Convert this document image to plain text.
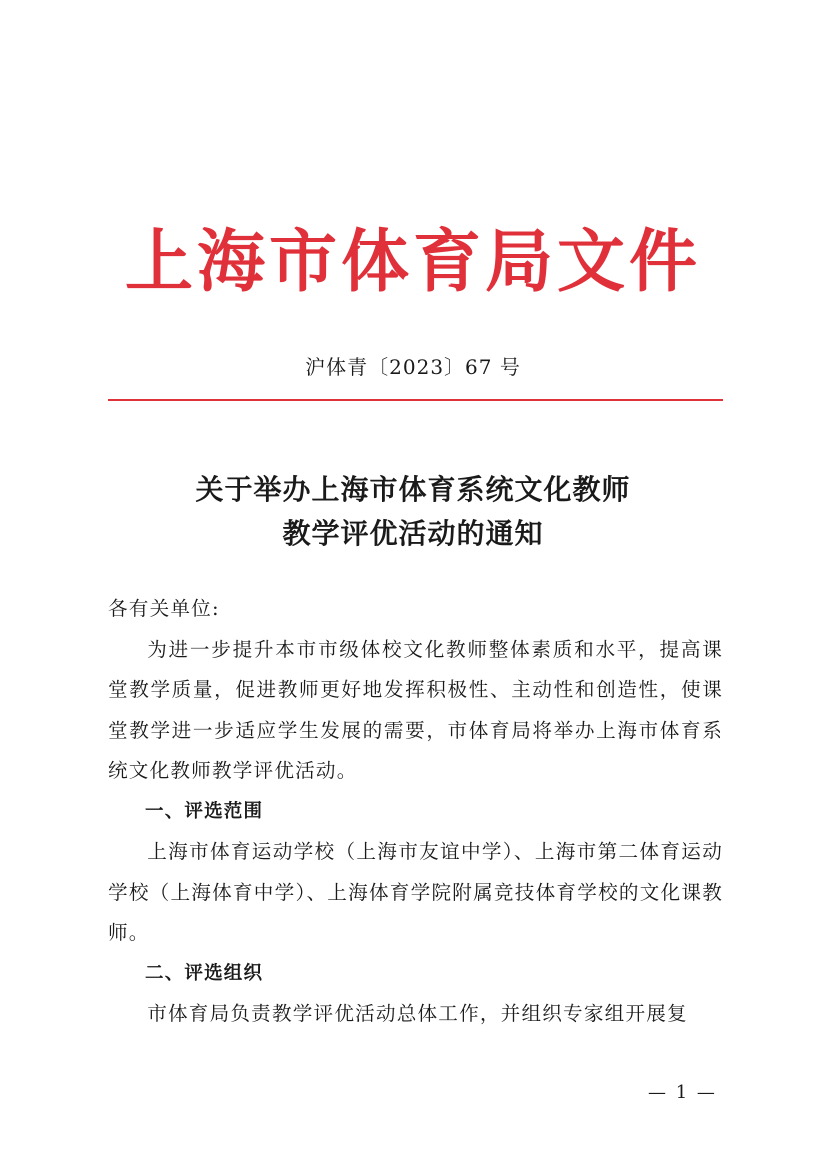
上海市体育局文件
沪体青〔2023〕67 号
关于举办上海市体育系统文化教师
教学评优活动的通知

各有关单位:

为进一步提升本市市级体校文化教师整体素质和水平，提高课堂教学质量，促进教师更好地发挥积极性、主动性和创造性，使课堂教学进一步适应学生发展的需要，市体育局将举办上海市体育系统文化教师教学评优活动。

一、评选范围

上海市体育运动学校（上海市友谊中学）、上海市第二体育运动学校（上海体育中学）、上海体育学院附属竞技体育学校的文化课教师。

二、评选组织

市体育局负责教学评优活动总体工作，并组织专家组开展复

— 1 —
